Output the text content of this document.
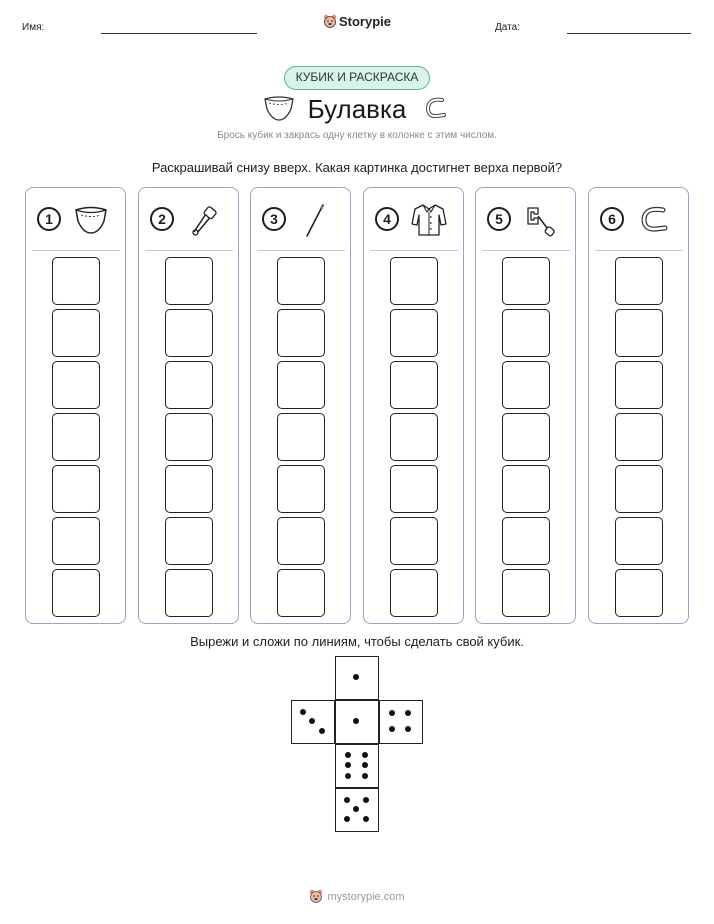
Имя:	Storypie	Дата:
КУБИК И РАСКРАСКА
Булавка
Брось кубик и закрась одну клетку в колонке с этим числом.
Раскрашивай снизу вверх. Какая картинка достигнет верха первой?
1	2	3	4	5	6
Вырежи и сложи по линиям, чтобы сделать свой кубик.
mystorypie.com
